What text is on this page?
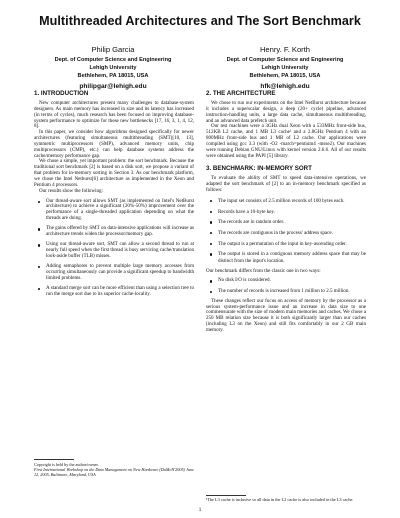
Multithreaded Architectures and The Sort Benchmark
Philip Garcia
Dept. of Computer Science and Engineering
Lehigh University
Bethlehem, PA 18015, USA
philipgar@lehigh.edu
Henry. F. Korth
Dept. of Computer Science and Engineering
Lehigh University
Bethlehem, PA 18015, USA
hfk@lehigh.edu
1. INTRODUCTION

New computer architectures present many challenges to database-system designers. As main memory has increased in size and its latency has increased (in terms of cycles), much research has been focused on improving database-system performance to optimize for these new bottlenecks [17, 16, 3, 1, 4, 12, 8].

In this paper, we consider how algorithms designed specifically for newer architectures (featuring simultaneous multithreading (SMT)[10, 13], symmetric multiprocessors (SMP), advanced memory units, chip multiprocessors (CMP), etc.) can help database systems address the cache/memory performance gap.

We chose a simple, yet important problem: the sort benchmark. Because the traditional sort benchmark [2] is based on a disk sort, we propose a variant of that problem for in-memory sorting in Section 3. As our benchmark platform, we chose the Intel Netburst[6] architecture as implemented in the Xeon and Pentium 4 processors.

Our results show the following:

Our thread-aware sort allows SMT (as implemented on Intel's NetBurst architecture) to achieve a significant (20%-50%) improvement over the performance of a single-threaded application depending on what the threads are doing.
The gains offered by SMT on data-intensive applications will increase as architecture trends widen the processor/memory gap.
Using our thread-aware sort, SMT can allow a second thread to run at nearly full speed when the first thread is busy servicing cache/translation look-aside buffer (TLB) misses.
Adding semaphores to prevent multiple large memory accesses from occurring simultaneously can provide a significant speedup to bandwidth limited problems.
A standard merge sort can be more efficient than using a selection tree to run the merge sort due to its superior cache-locality.
Copyright is held by the author/owner.
First International Workshop on the Data Management on New Hardware (DaMoN'2005) June 12, 2005, Baltimore, Maryland, USA
2. THE ARCHITECTURE

We chose to run our experiments on the Intel NetBurst architecture because it includes a superscalar design, a deep (20+ cycle) pipeline, advanced instruction-handling units, a large data cache, simultaneous multithreading, and an advanced data prefetch unit.

Our test machines were a 3GHz dual Xeon with a 533MHz front-side bus, 512KB L2 cache, and 1 MB L3 cache¹ and a 2.8GHz Pentium 4 with an 800MHz front-side bus and 1 MB of L2 cache. Our applications were compiled using gcc 3.3 (with -O2 -march=pentium4 -msse2). Our machines were running Debian GNU/Linux with kernel version 2.6.6. All of our results were obtained using the PAPI [5] library.

3. BENCHMARK: IN-MEMORY SORT

To evaluate the ability of SMT to speed data-intensive operations, we adapted the sort benchmark of [2] to an in-memory benchmark specified as follows:

The input set consists of 2.5 million records of 100 bytes each.
Records have a 10-byte key.
The records are in random order.
The records are contiguous in the process' address space.
The output is a permutation of the input in key-ascending order.
The output is stored in a contiguous memory address space that may be distinct from the input's location.

Our benchmark differs from the classic one in two ways:

No disk I/O is considered.
The number of records is increased from 1 million to 2.5 million.

These changes reflect our focus on access of memory by the processor as a serious system-performance issue and an increase in data size to one commensurate with the size of modern main memories and caches. We chose a 250 MB relation size because it is both significantly larger than our caches (including L3 on the Xeon) and still fits comfortably in our 2 GB main memory.

¹The L3 cache is inclusive so all data in the L2 cache is also included in the L3 cache.
1
